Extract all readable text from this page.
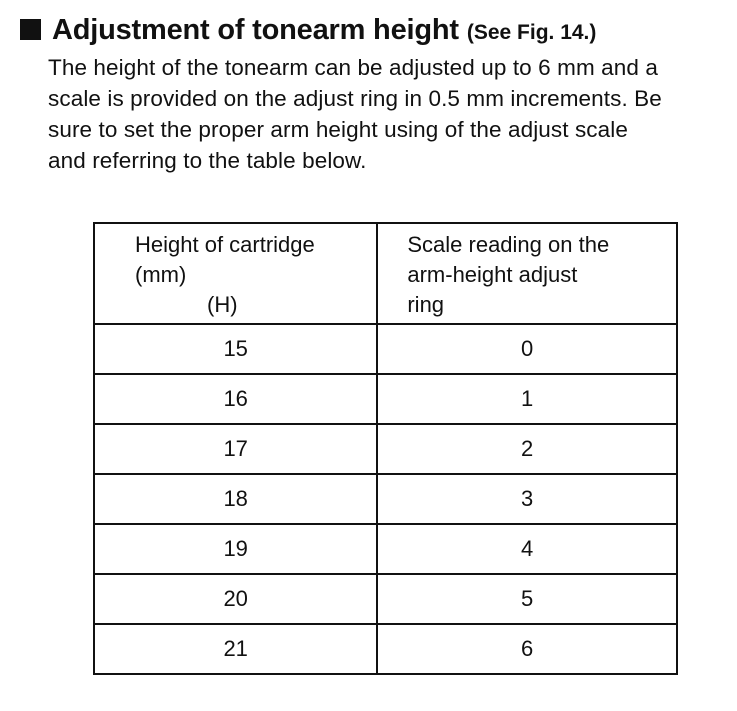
Adjustment of tonearm height (See Fig. 14.)
The height of the tonearm can be adjusted up to 6 mm and a
scale is provided on the adjust ring in 0.5 mm increments. Be
sure to set the proper arm height using of the adjust scale
and referring to the table below.
Height of cartridge
(mm)
(H)	Scale reading on the
arm-height adjust
ring

15	0
16	1
17	2
18	3
19	4
20	5
21	6
